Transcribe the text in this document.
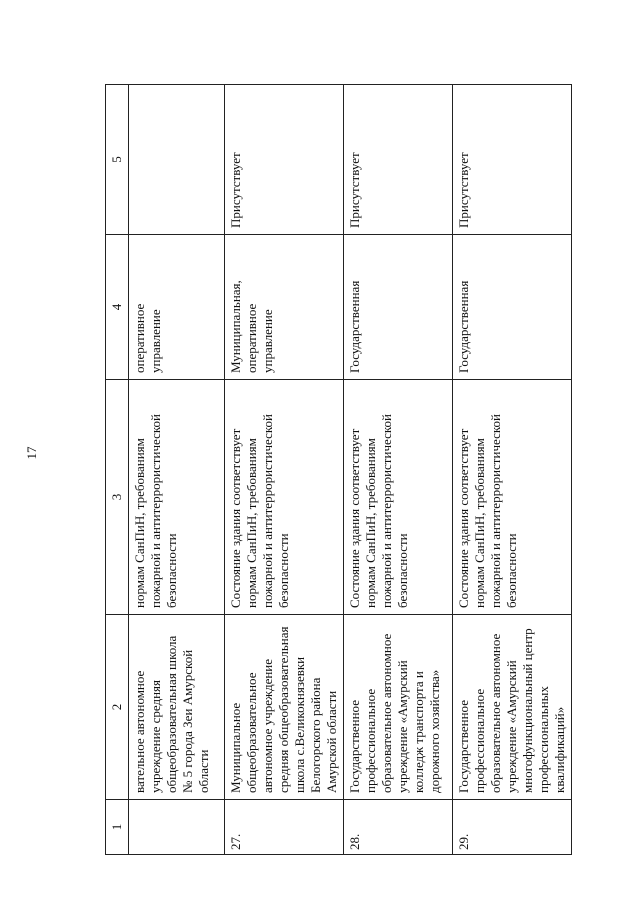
17
1	2	3	4	5
	вательное автономное учреждение средняя общеобразовательная школа № 5 города Зеи Амурской области	нормам СанПиН, требованиям пожарной и антитеррористической безопасности	оперативное управление	
27.	Муниципальное общеобразовательное автономное учреждение средняя общеобразовательная школа с.Великокнязевки Белогорского района Амурской области	Состояние здания соответствует нормам СанПиН, требованиям пожарной и антитеррористической безопасности	Муниципальная, оперативное управление	Присутствует
28.	Государственное профессиональное образовательное автономное учреждение «Амурский колледж транспорта и дорожного хозяйства»	Состояние здания соответствует нормам СанПиН, требованиям пожарной и антитеррористической безопасности	Государственная	Присутствует
29.	Государственное профессиональное образовательное автономное учреждение «Амурский многофункциональный центр профессиональных квалификаций»	Состояние здания соответствует нормам СанПиН, требованиям пожарной и антитеррористической безопасности	Государственная	Присутствует
